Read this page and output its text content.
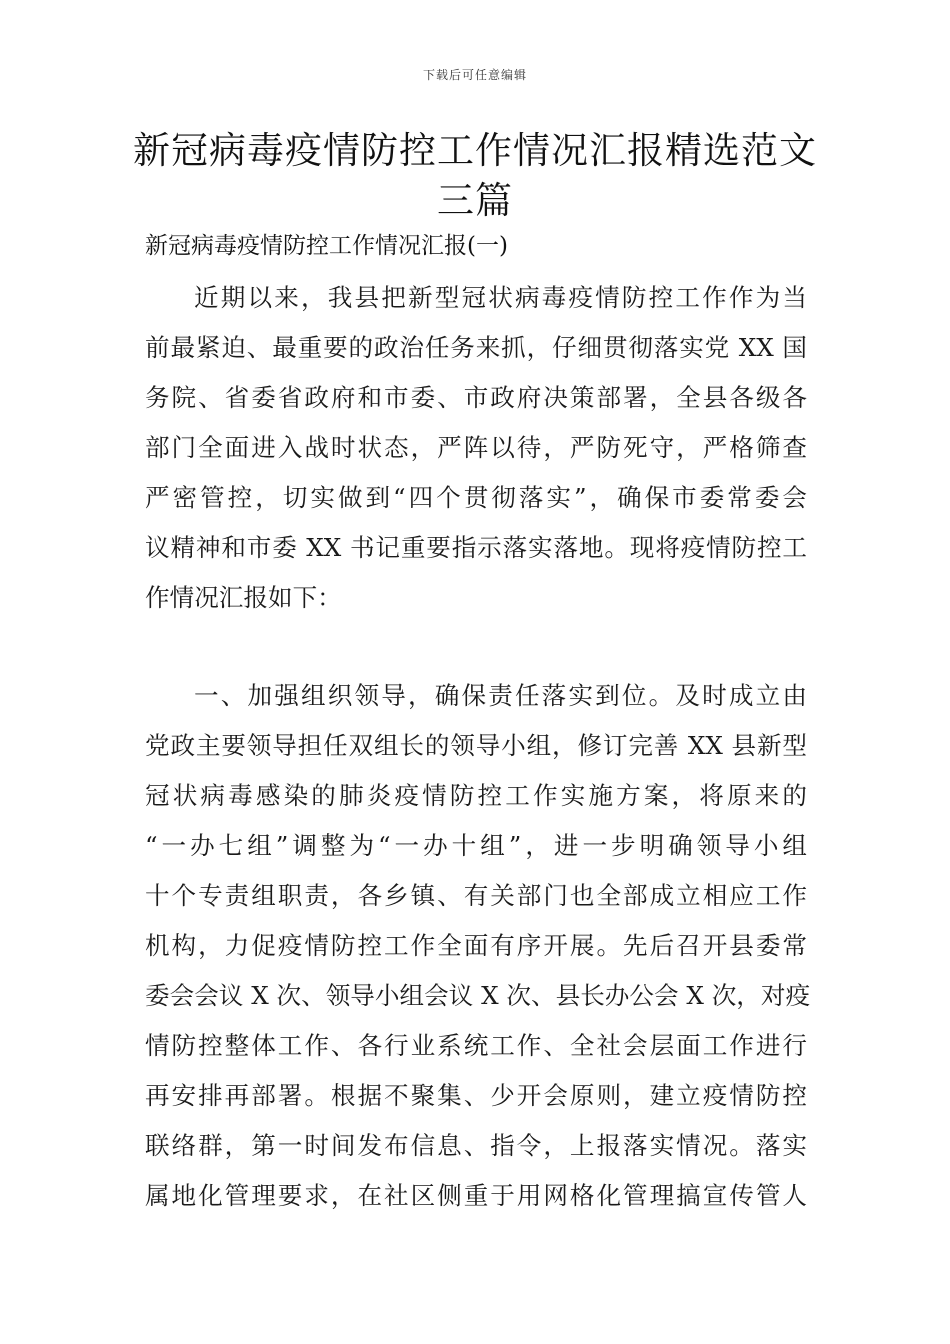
下载后可任意编辑
新冠病毒疫情防控工作情况汇报精选范文
三篇
新冠病毒疫情防控工作情况汇报(一)

近期以来，我县把新型冠状病毒疫情防控工作作为当
前最紧迫、最重要的政治任务来抓，仔细贯彻落实党 XX 国
务院、省委省政府和市委、市政府决策部署，全县各级各
部门全面进入战时状态，严阵以待，严防死守，严格筛查
严密管控，切实做到“四个贯彻落实”，确保市委常委会
议精神和市委 XX 书记重要指示落实落地。现将疫情防控工
作情况汇报如下：

一、加强组织领导，确保责任落实到位。及时成立由
党政主要领导担任双组长的领导小组，修订完善 XX 县新型
冠状病毒感染的肺炎疫情防控工作实施方案，将原来的
“一办七组”调整为“一办十组”，进一步明确领导小组
十个专责组职责，各乡镇、有关部门也全部成立相应工作
机构，力促疫情防控工作全面有序开展。先后召开县委常
委会会议 X 次、领导小组会议 X 次、县长办公会 X 次，对疫
情防控整体工作、各行业系统工作、全社会层面工作进行
再安排再部署。根据不聚集、少开会原则，建立疫情防控
联络群，第一时间发布信息、指令，上报落实情况。落实
属地化管理要求，在社区侧重于用网格化管理搞宣传管人
